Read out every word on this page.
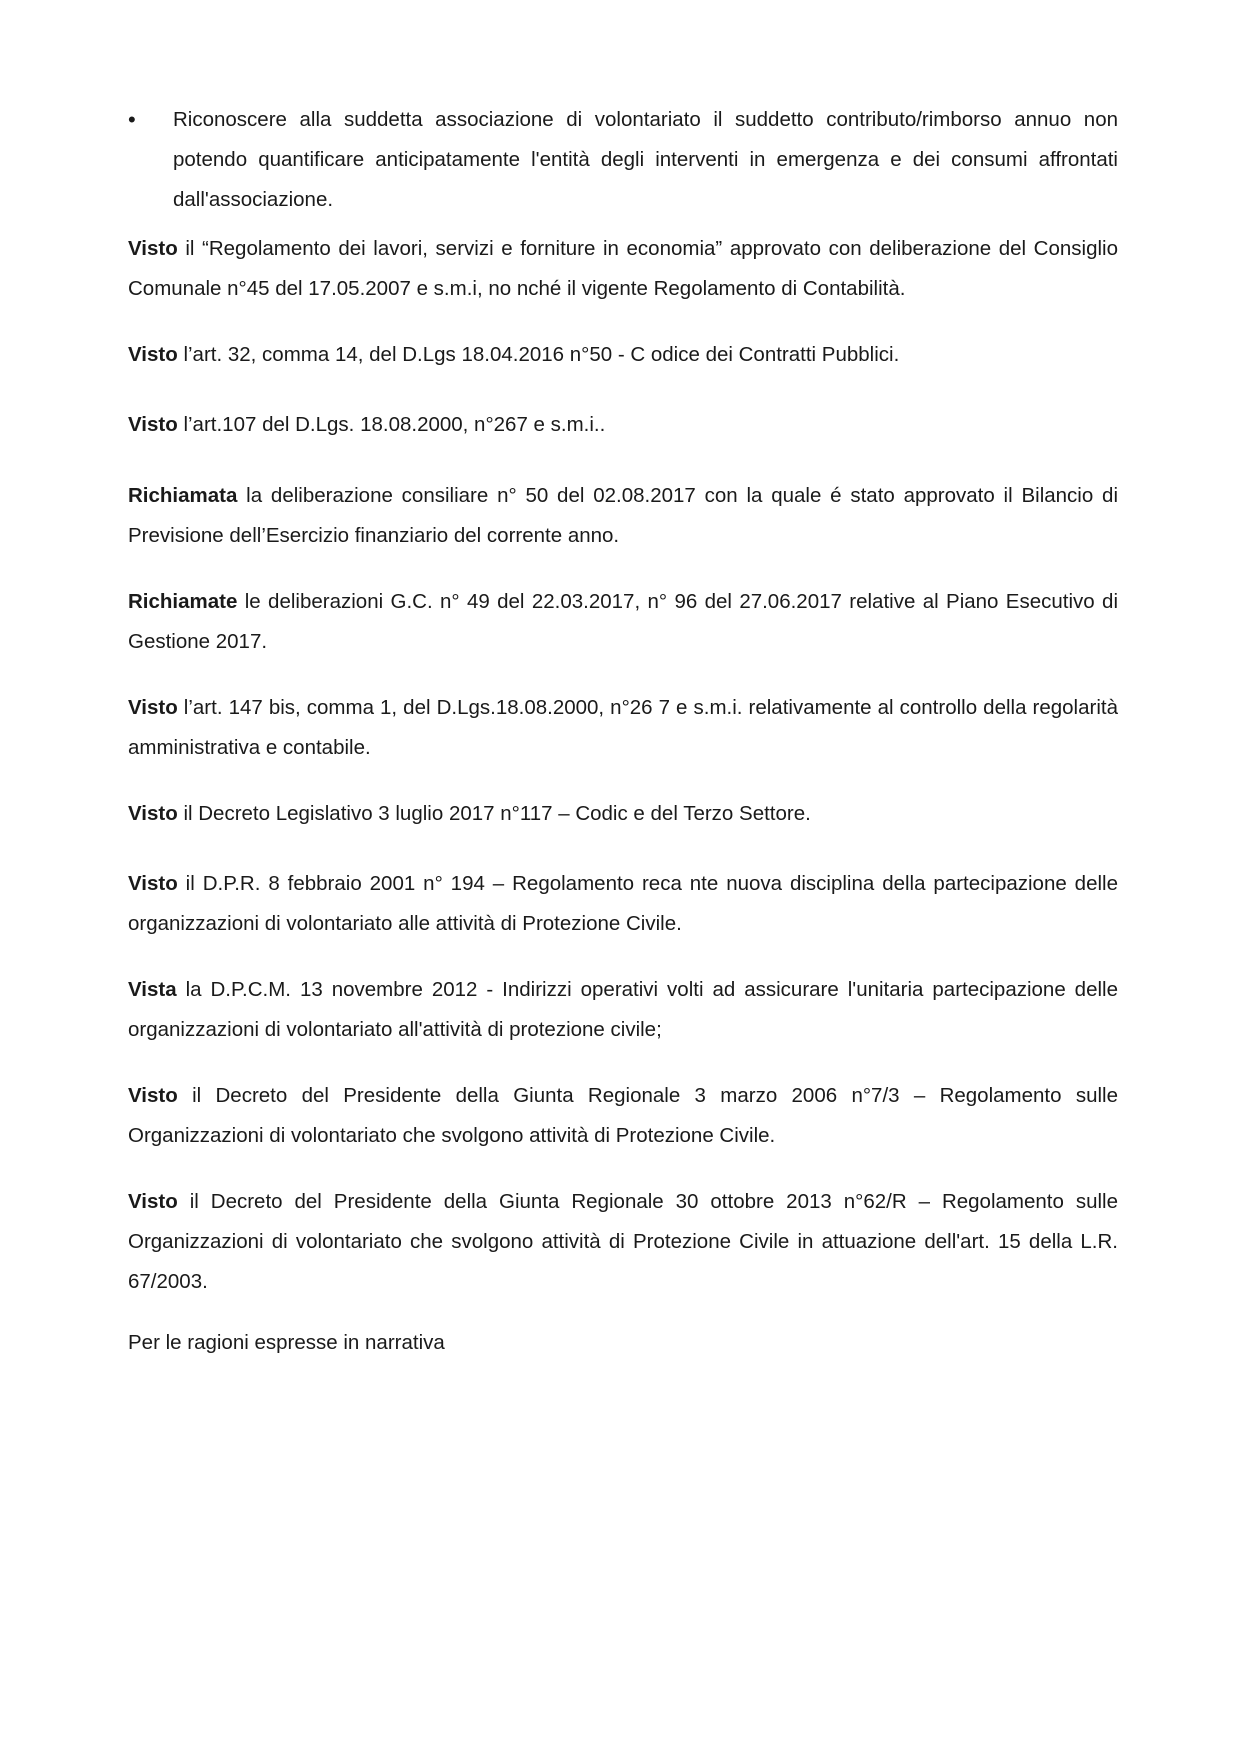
•	Riconoscere alla suddetta associazione di volontariato il suddetto contributo/rimborso annuo non potendo quantificare anticipatamente l'entità degli interventi in emergenza e dei consumi affrontati dall'associazione.

Visto il “Regolamento dei lavori, servizi e forniture in economia” approvato con deliberazione del Consiglio Comunale n°45 del 17.05.2007 e s.m.i, no nché il vigente Regolamento di Contabilità.

Visto l’art. 32, comma 14, del D.Lgs 18.04.2016 n°50 - C odice dei Contratti Pubblici.

Visto l’art.107 del D.Lgs. 18.08.2000, n°267 e s.m.i..

Richiamata la deliberazione consiliare n° 50 del 02.08.2017 con la quale é stato approvato il Bilancio di Previsione dell’Esercizio finanziario del corrente anno.

Richiamate le deliberazioni G.C. n° 49 del 22.03.2017, n° 96 del 27.06.2017 relative al Piano Esecutivo di Gestione 2017.

Visto l’art. 147 bis, comma 1, del D.Lgs.18.08.2000, n°26 7 e s.m.i. relativamente al controllo della regolarità amministrativa e contabile.

Visto il Decreto Legislativo 3 luglio 2017 n°117 – Codic e del Terzo Settore.

Visto il D.P.R. 8 febbraio 2001 n° 194 – Regolamento reca nte nuova disciplina della partecipazione delle organizzazioni di volontariato alle attività di Protezione Civile.

Vista la D.P.C.M. 13 novembre 2012 - Indirizzi operativi volti ad assicurare l'unitaria partecipazione delle organizzazioni di volontariato all'attività di protezione civile;

Visto il Decreto del Presidente della Giunta Regionale 3 marzo 2006 n°7/3 – Regolamento sulle Organizzazioni di volontariato che svolgono attività di Protezione Civile.

Visto il Decreto del Presidente della Giunta Regionale 30 ottobre 2013 n°62/R – Regolamento sulle Organizzazioni di volontariato che svolgono attività di Protezione Civile in attuazione dell'art. 15 della L.R. 67/2003.

Per le ragioni espresse in narrativa
